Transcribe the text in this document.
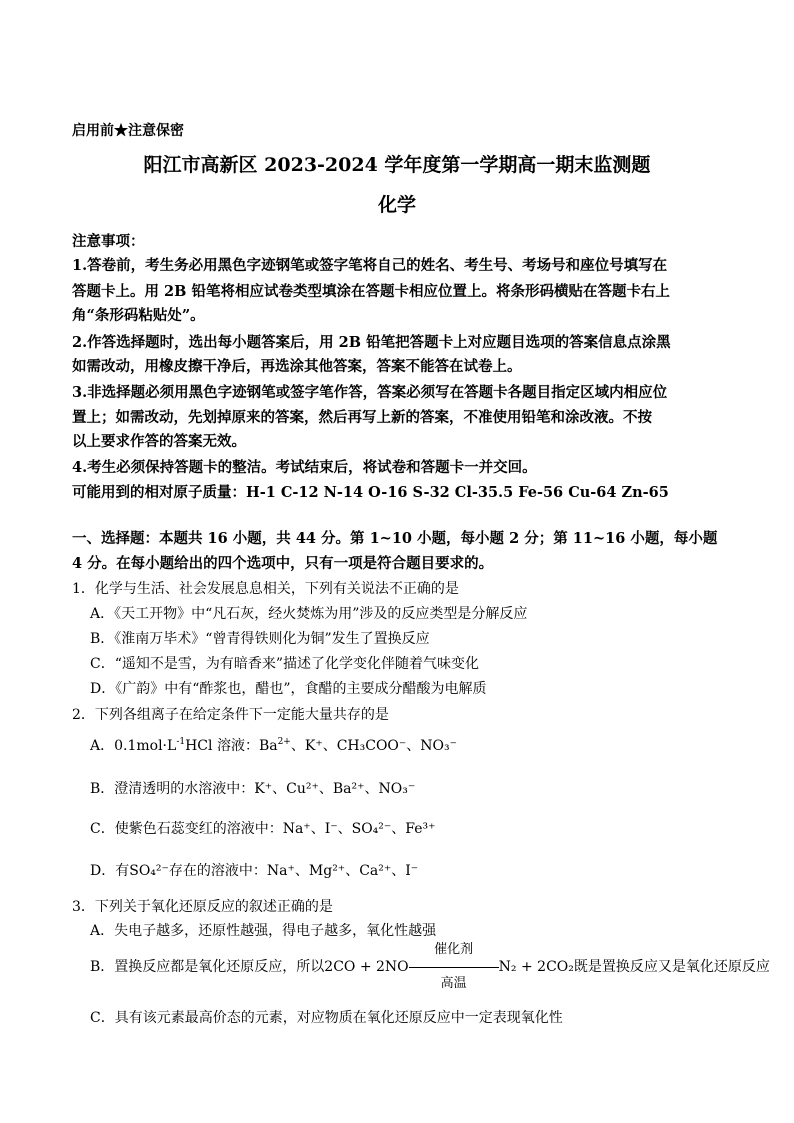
启用前★注意保密
阳江市高新区 2023-2024 学年度第一学期高一期末监测题
化学
注意事项：
1.答卷前，考生务必用黑色字迹钢笔或签字笔将自己的姓名、考生号、考场号和座位号填写在
答题卡上。用 2B 铅笔将相应试卷类型填涂在答题卡相应位置上。将条形码横贴在答题卡右上
角“条形码粘贴处”。
2.作答选择题时，选出每小题答案后，用 2B 铅笔把答题卡上对应题目选项的答案信息点涂黑
如需改动，用橡皮擦干净后，再选涂其他答案，答案不能答在试卷上。
3.非选择题必须用黑色字迹钢笔或签字笔作答，答案必须写在答题卡各题目指定区域内相应位
置上；如需改动，先划掉原来的答案，然后再写上新的答案，不准使用铅笔和涂改液。不按
以上要求作答的答案无效。
4.考生必须保持答题卡的整洁。考试结束后，将试卷和答题卡一并交回。
可能用到的相对原子质量：H-1 C-12 N-14 O-16 S-32 Cl-35.5 Fe-56 Cu-64 Zn-65
一、选择题：本题共 16 小题，共 44 分。第 1~10 小题，每小题 2 分；第 11~16 小题，每小题
4 分。在每小题给出的四个选项中，只有一项是符合题目要求的。
1．化学与生活、社会发展息息相关，下列有关说法不正确的是
A．《天工开物》中“凡石灰，经火焚炼为用”涉及的反应类型是分解反应
B．《淮南万毕术》“曾青得铁则化为铜”发生了置换反应
C．“遥知不是雪，为有暗香来”描述了化学变化伴随着气味变化
D．《广韵》中有“酢浆也，醋也”，食醋的主要成分醋酸为电解质
2．下列各组离子在给定条件下一定能大量共存的是
A．$0.1mol\cdot L^{-1}HCl$ 溶液：$Ba^{2+}$、K⁺、CH₃COO⁻、NO₃⁻
B．澄清透明的水溶液中：K⁺、Cu²⁺、Ba²⁺、NO₃⁻
C．使紫色石蕊变红的溶液中：Na⁺、I⁻、SO₄²⁻、Fe³⁺
D．有SO₄²⁻存在的溶液中：Na⁺、Mg²⁺、Ca²⁺、I⁻
3．下列关于氧化还原反应的叙述正确的是
A．失电子越多，还原性越强，得电子越多，氧化性越强
B．置换反应都是氧化还原反应，所以$2CO + 2NO \frac{\text{催化剂}}{\text{高温}} N_2 + 2CO_2$既是置换反应又是氧化还原反应
C．具有该元素最高价态的元素，对应物质在氧化还原反应中一定表现氧化性
